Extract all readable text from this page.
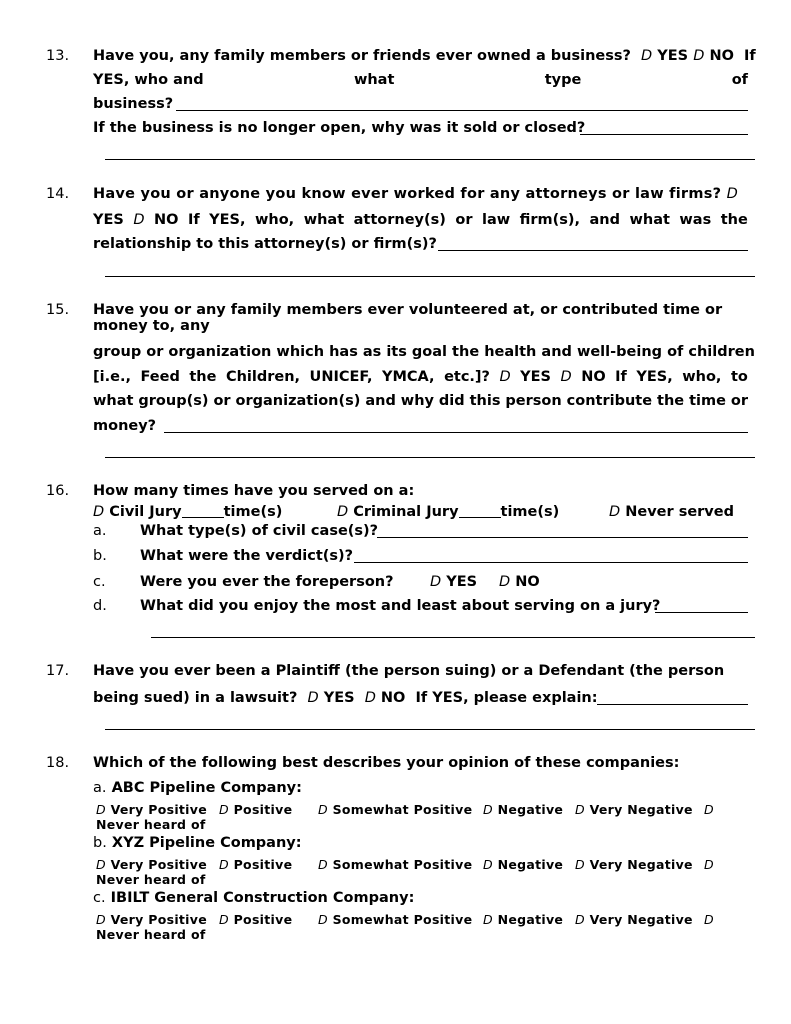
13. Have you, any family members or friends ever owned a business? D YES D NO If
YES, who and	what	type	of
business?
If the business is no longer open, why was it sold or closed?
14. Have you or anyone you know ever worked for any attorneys or law firms? D
YES D NO If YES, who, what attorney(s) or law firm(s), and what was the
relationship to this attorney(s) or firm(s)?
15. Have you or any family members ever volunteered at, or contributed time or
money to, any
group or organization which has as its goal the health and well-being of children
[i.e., Feed the Children, UNICEF, YMCA, etc.]? D YES D NO If YES, who, to
what group(s) or organization(s) and why did this person contribute the time or
money?
16. How many times have you served on a:
D Civil Jury	time(s)	D Criminal Jury	time(s)	D Never served
a. What type(s) of civil case(s)?
b. What were the verdict(s)?
c. Were you ever the foreperson?	D YES D NO
d. What did you enjoy the most and least about serving on a jury?
17. Have you ever been a Plaintiff (the person suing) or a Defendant (the person
being sued) in a lawsuit? D YES D NO If YES, please explain:
18. Which of the following best describes your opinion of these companies:
a. ABC Pipeline Company:
D Very Positive D Positive D Somewhat Positive D Negative D Very Negative D
Never heard of
b. XYZ Pipeline Company:
D Very Positive D Positive D Somewhat Positive D Negative D Very Negative D
Never heard of
c. IBILT General Construction Company:
D Very Positive D Positive D Somewhat Positive D Negative D Very Negative D
Never heard of
